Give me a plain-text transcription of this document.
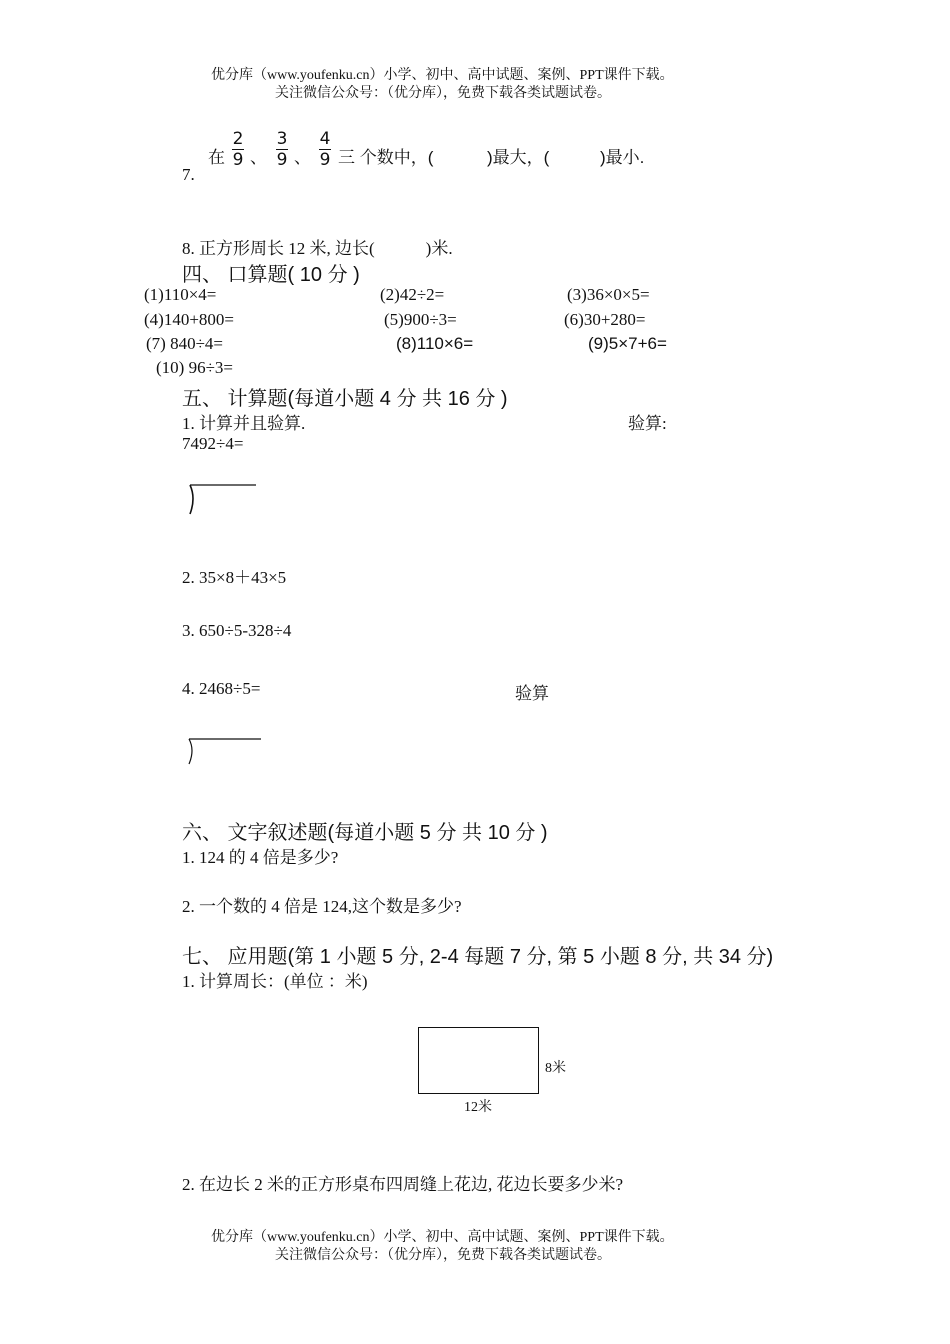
优分库（www.youfenku.cn）小学、初中、高中试题、案例、PPT课件下载。
关注微信公众号：（优分库），免费下载各类试题试卷。
在
2
9 、
3
9 、
4
9 三 个数中，(	)最大，(	)最小.
7.
8. 正方形周长 12 米, 边长(　　　)米.
四、 口算题( 10 分 )
(1)110×4=	(2)42÷2=	(3)36×0×5=
(4)140+800=	(5)900÷3=	(6)30+280=
(7) 840÷4=	(8)110×6=	(9)5×7+6=
(10) 96÷3=
五、 计算题(每道小题 4 分 共 16 分 )
1. 计算并且验算.	验算:
7492÷4=
2. 35×8＋43×5
3. 650÷5-328÷4
4. 2468÷5=	验算
六、 文字叙述题(每道小题 5 分 共 10 分 )
1. 124 的 4 倍是多少?
2. 一个数的 4 倍是 124,这个数是多少?
七、 应用题(第 1 小题 5 分, 2-4 每题 7 分, 第 5 小题 8 分, 共 34 分)
1. 计算周长：(单位 ：米)
8米
12米
2. 在边长 2 米的正方形桌布四周缝上花边, 花边长要多少米?
优分库（www.youfenku.cn）小学、初中、高中试题、案例、PPT课件下载。
关注微信公众号：（优分库），免费下载各类试题试卷。
